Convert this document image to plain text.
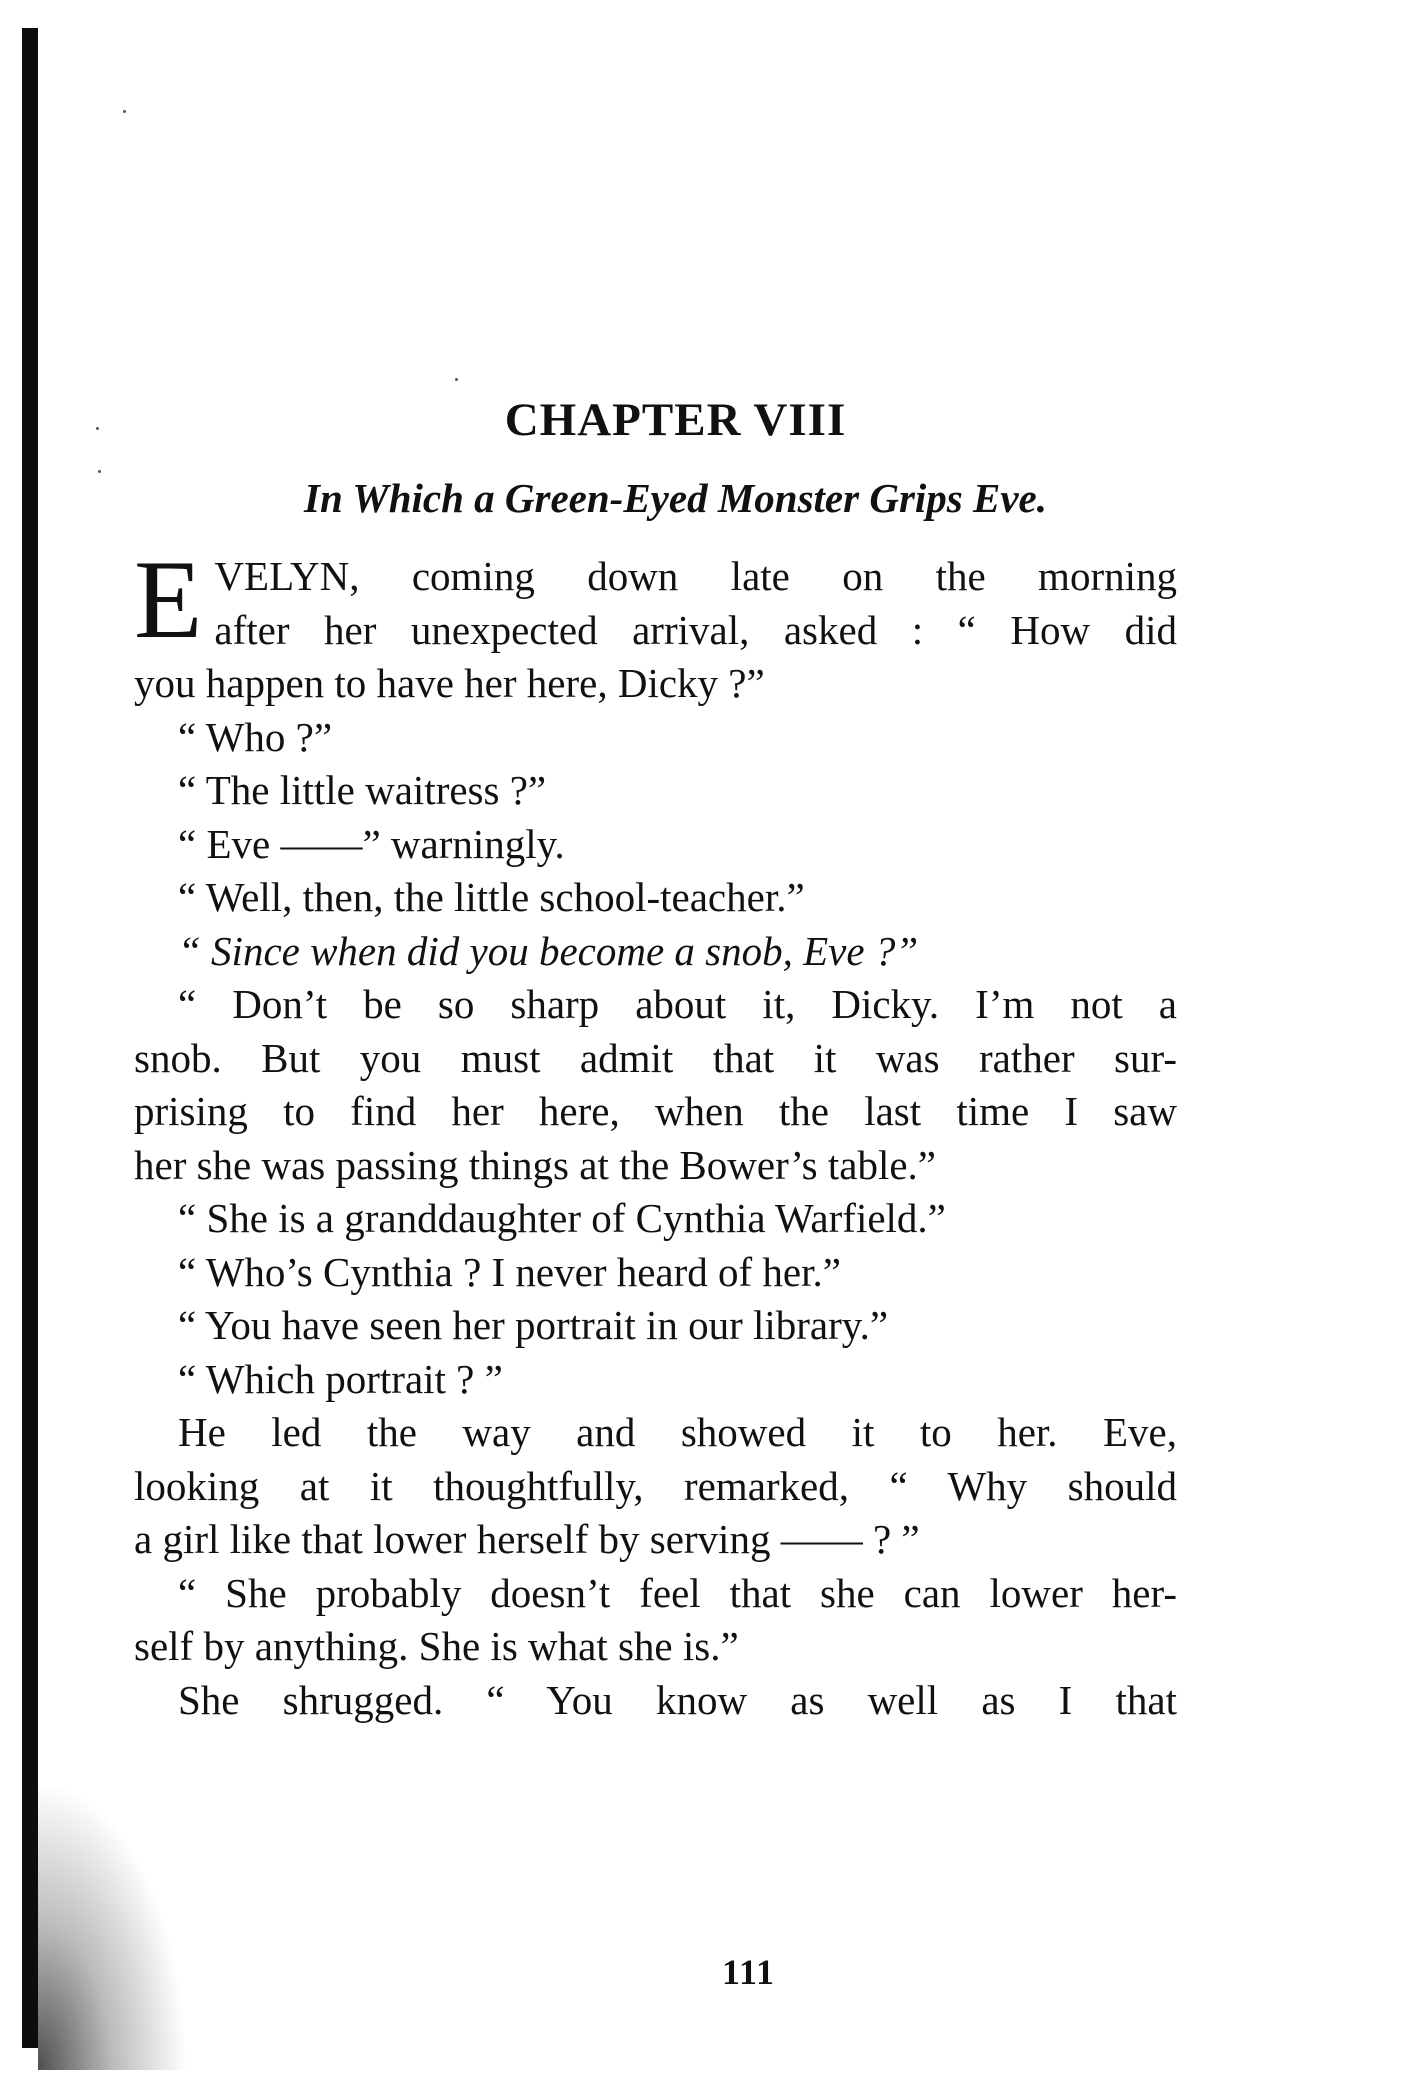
CHAPTER VIII
In Which a Green-Eyed Monster Grips Eve.
E VELYN, coming down late on the morning
after her unexpected arrival, asked : “ How did
you happen to have her here, Dicky ?”
“ Who ?”
“ The little waitress ?”
“ Eve ——” warningly.
“ Well, then, the little school-teacher.”
“ Since when did you become a snob, Eve ?”
“ Don’t be so sharp about it, Dicky. I’m not a
snob. But you must admit that it was rather sur-
prising to find her here, when the last time I saw
her she was passing things at the Bower’s table.”
“ She is a granddaughter of Cynthia Warfield.”
“ Who’s Cynthia ? I never heard of her.”
“ You have seen her portrait in our library.”
“ Which portrait ? ”
He led the way and showed it to her. Eve,
looking at it thoughtfully, remarked, “ Why should
a girl like that lower herself by serving —— ? ”
“ She probably doesn’t feel that she can lower her-
self by anything. She is what she is.”
She shrugged. “ You know as well as I that
111
